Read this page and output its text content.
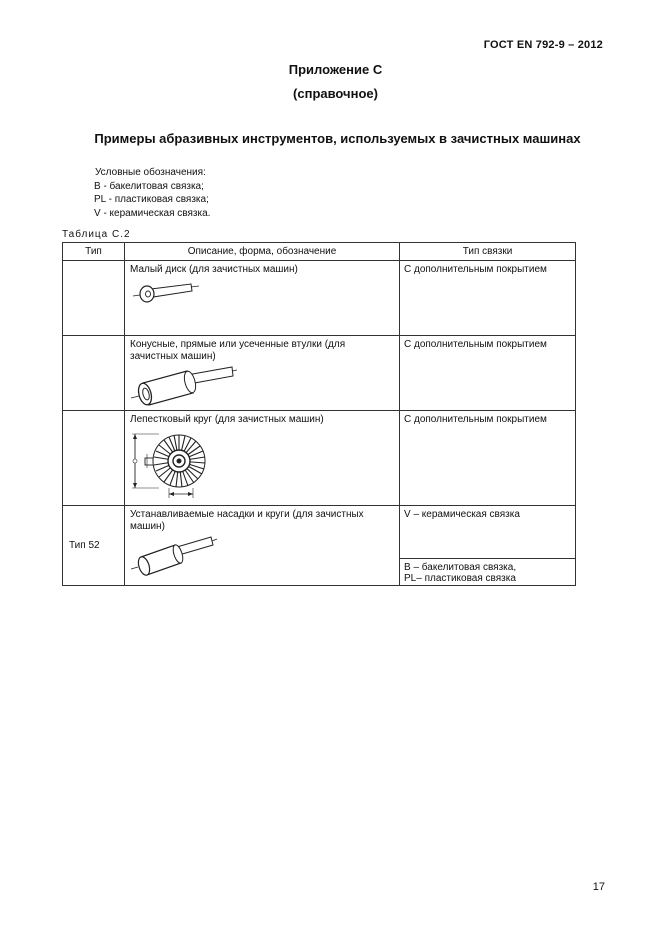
ГОСТ EN 792-9 – 2012
Приложение С
(справочное)
Примеры абразивных инструментов, используемых в зачистных машинах
Условные обозначения:
B - бакелитовая связка;
PL - пластиковая связка;
V - керамическая связка.
Таблица С.2
Тип	Описание, форма, обозначение	Тип связки

	Малый диск (для зачистных машин)	С дополнительным покрытием

	Конусные, прямые или усеченные втулки (для зачистных машин)	С дополнительным покрытием

	Лепестковый круг (для зачистных машин)	С дополнительным покрытием

Тип 52	Устанавливаемые насадки и круги (для зачистных машин)	V – керамическая связка
B – бакелитовая связка,
PL– пластиковая связка
17
